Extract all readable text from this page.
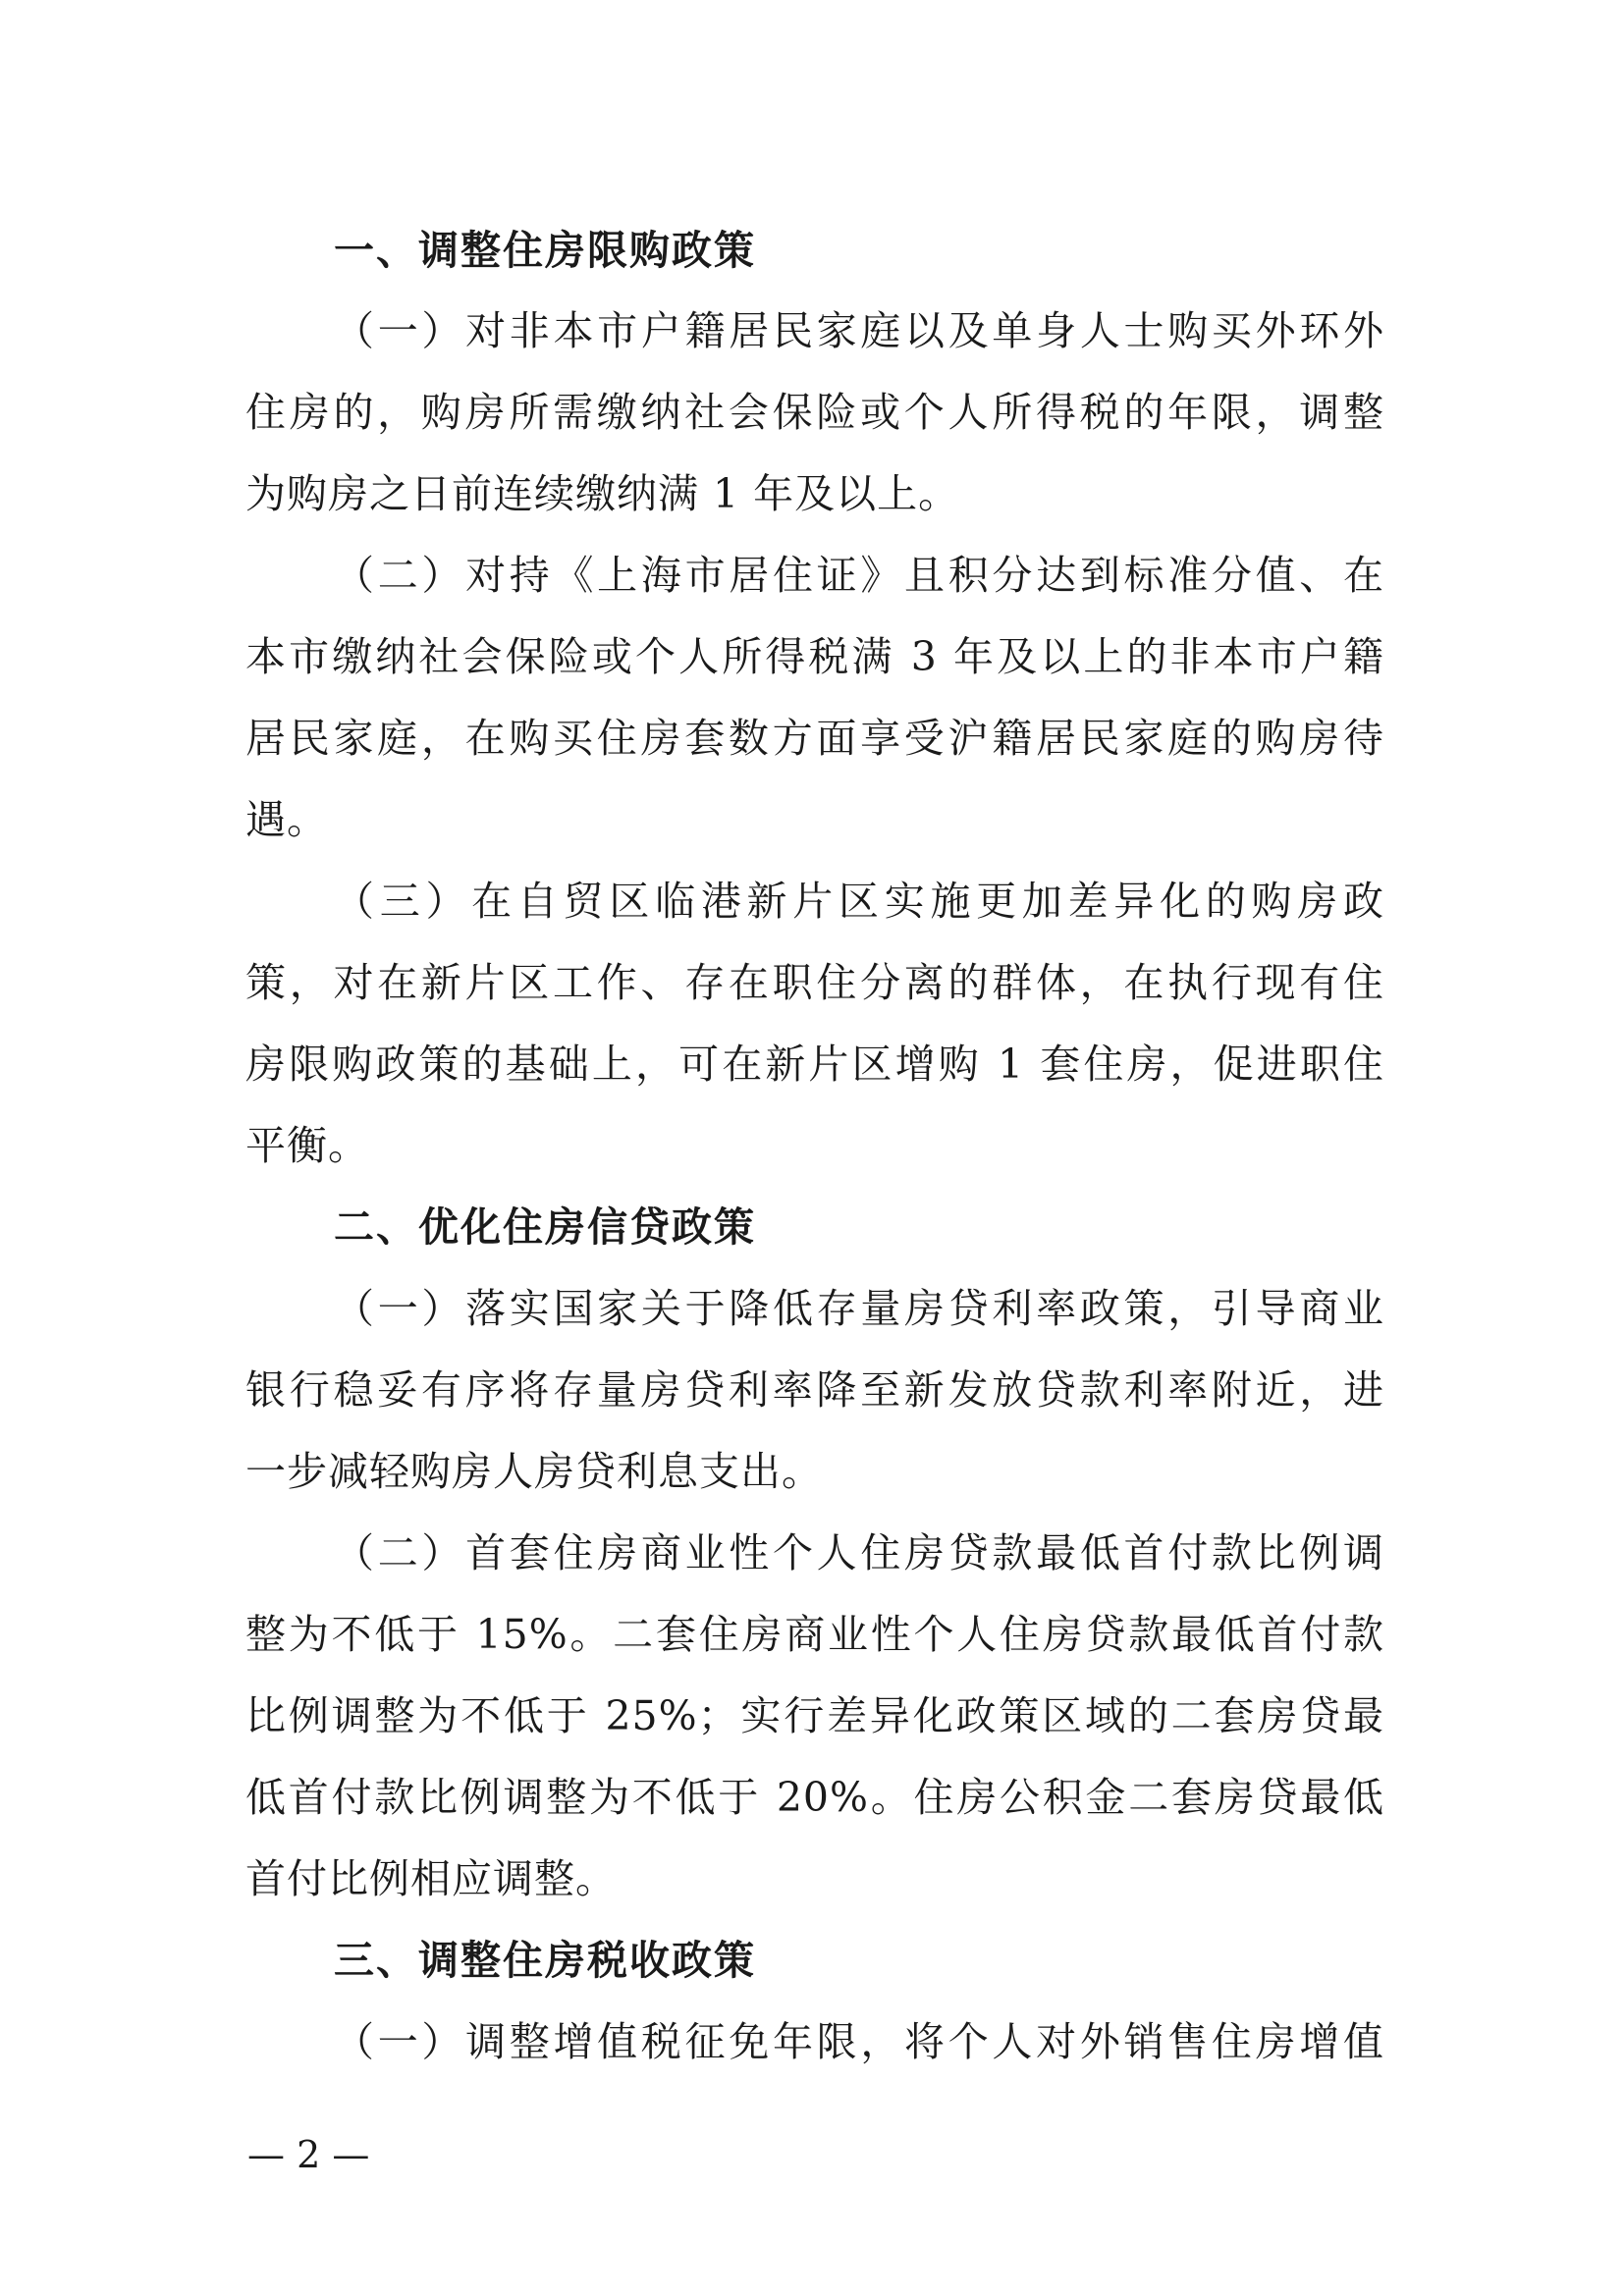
一、调整住房限购政策
（一）对非本市户籍居民家庭以及单身人士购买外环外
住房的，购房所需缴纳社会保险或个人所得税的年限，调整
为购房之日前连续缴纳满 1 年及以上。
（二）对持《上海市居住证》且积分达到标准分值、在
本市缴纳社会保险或个人所得税满 3 年及以上的非本市户籍
居民家庭，在购买住房套数方面享受沪籍居民家庭的购房待
遇。
（三）在自贸区临港新片区实施更加差异化的购房政
策，对在新片区工作、存在职住分离的群体，在执行现有住
房限购政策的基础上，可在新片区增购 1 套住房，促进职住
平衡。
二、优化住房信贷政策
（一）落实国家关于降低存量房贷利率政策，引导商业
银行稳妥有序将存量房贷利率降至新发放贷款利率附近，进
一步减轻购房人房贷利息支出。
（二）首套住房商业性个人住房贷款最低首付款比例调
整为不低于 15%。二套住房商业性个人住房贷款最低首付款
比例调整为不低于 25%；实行差异化政策区域的二套房贷最
低首付款比例调整为不低于 20%。住房公积金二套房贷最低
首付比例相应调整。
三、调整住房税收政策
（一）调整增值税征免年限，将个人对外销售住房增值
— 2 —
